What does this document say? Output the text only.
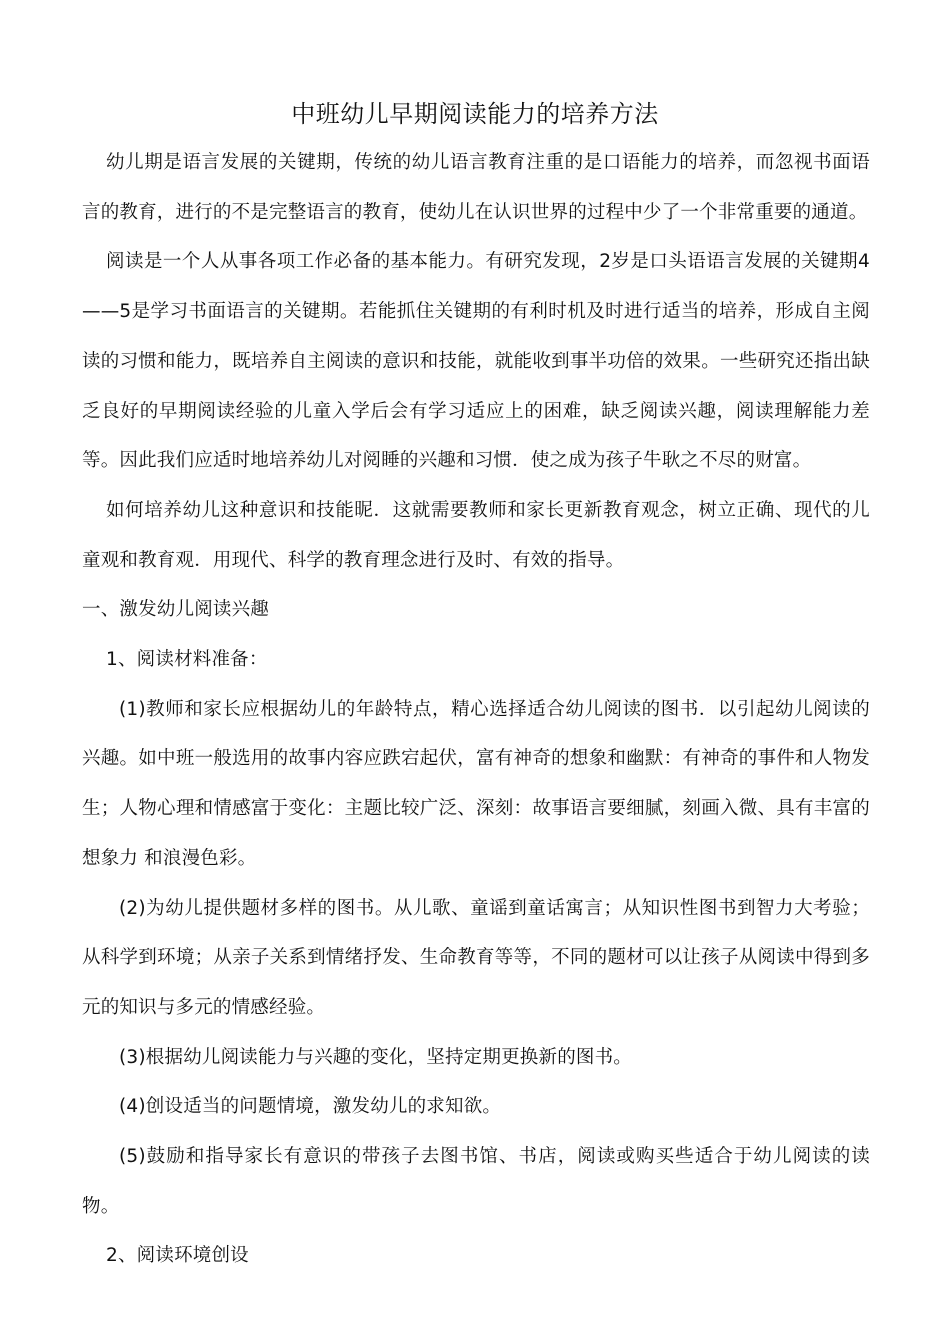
中班幼儿早期阅读能力的培养方法

幼儿期是语言发展的关键期，传统的幼儿语言教育注重的是口语能力的培养，而忽视书面语言的教育，进行的不是完整语言的教育，使幼儿在认识世界的过程中少了一个非常重要的通道。

阅读是一个人从事各项工作必备的基本能力。有研究发现，2岁是口头语语言发展的关键期4——5是学习书面语言的关键期。若能抓住关键期的有利时机及时进行适当的培养，形成自主阅读的习惯和能力，既培养自主阅读的意识和技能，就能收到事半功倍的效果。一些研究还指出缺乏良好的早期阅读经验的儿童入学后会有学习适应上的困难，缺乏阅读兴趣，阅读理解能力差等。因此我们应适时地培养幼儿对阅睡的兴趣和习惯．使之成为孩子牛耿之不尽的财富。

如何培养幼儿这种意识和技能昵．这就需要教师和家长更新教育观念，树立正确、现代的儿童观和教育观．用现代、科学的教育理念进行及时、有效的指导。

一、激发幼儿阅读兴趣

1、阅读材料准备：

(1)教师和家长应根据幼儿的年龄特点，精心选择适合幼儿阅读的图书．以引起幼儿阅读的兴趣。如中班一般选用的故事内容应跌宕起伏，富有神奇的想象和幽默：有神奇的事件和人物发生；人物心理和情感富于变化：主题比较广泛、深刻：故事语言要细腻，刻画入微、具有丰富的想象力 和浪漫色彩。

(2)为幼儿提供题材多样的图书。从儿歌、童谣到童话寓言；从知识性图书到智力大考验；从科学到环境；从亲子关系到情绪抒发、生命教育等等，不同的题材可以让孩子从阅读中得到多元的知识与多元的情感经验。

(3)根据幼儿阅读能力与兴趣的变化，坚持定期更换新的图书。

(4)创设适当的问题情境，激发幼儿的求知欲。

(5)鼓励和指导家长有意识的带孩子去图书馆、书店，阅读或购买些适合于幼儿阅读的读物。

2、阅读环境创设
